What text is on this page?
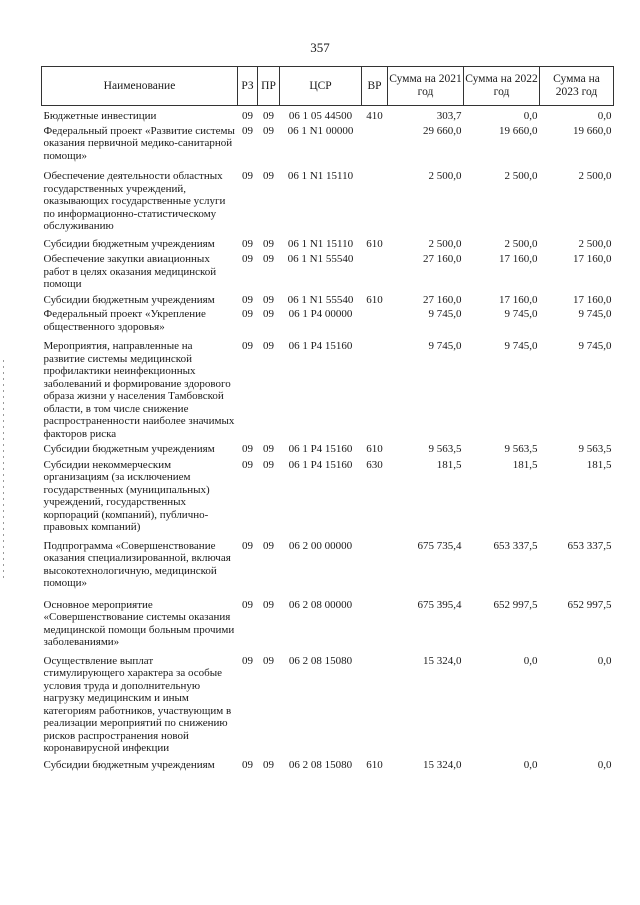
357
Наименование	РЗ	ПР	ЦСР	ВР	Сумма на 2021 год	Сумма на 2022 год	Сумма на 2023 год
Бюджетные инвестиции	09	09	06 1 05 44500	410	303,7	0,0	0,0
Федеральный проект «Развитие системы оказания первичной медико-санитарной помощи»	09	09	06 1 N1 00000		29 660,0	19 660,0	19 660,0
Обеспечение деятельности областных государственных учреждений, оказывающих государственные услуги по информационно-статистическому обслуживанию	09	09	06 1 N1 15110		2 500,0	2 500,0	2 500,0
Субсидии бюджетным учреждениям	09	09	06 1 N1 15110	610	2 500,0	2 500,0	2 500,0
Обеспечение закупки авиационных работ в целях оказания медицинской помощи	09	09	06 1 N1 55540		27 160,0	17 160,0	17 160,0
Субсидии бюджетным учреждениям	09	09	06 1 N1 55540	610	27 160,0	17 160,0	17 160,0
Федеральный проект «Укрепление общественного здоровья»	09	09	06 1 P4 00000		9 745,0	9 745,0	9 745,0
Мероприятия, направленные на развитие системы медицинской профилактики неинфекционных заболеваний и формирование здорового образа жизни у населения Тамбовской области, в том числе снижение распространенности наиболее значимых факторов риска	09	09	06 1 P4 15160		9 745,0	9 745,0	9 745,0
Субсидии бюджетным учреждениям	09	09	06 1 P4 15160	610	9 563,5	9 563,5	9 563,5
Субсидии некоммерческим организациям (за исключением государственных (муниципальных) учреждений, государственных корпораций (компаний), публично-правовых компаний)	09	09	06 1 P4 15160	630	181,5	181,5	181,5
Подпрограмма «Совершенствование оказания специализированной, включая высокотехнологичную, медицинской помощи»	09	09	06 2 00 00000		675 735,4	653 337,5	653 337,5
Основное мероприятие «Совершенствование системы оказания медицинской помощи больным прочими заболеваниями»	09	09	06 2 08 00000		675 395,4	652 997,5	652 997,5
Осуществление выплат стимулирующего характера за особые условия труда и дополнительную нагрузку медицинским и иным категориям работников, участвующим в реализации мероприятий по снижению рисков распространения новой коронавирусной инфекции	09	09	06 2 08 15080		15 324,0	0,0	0,0
Субсидии бюджетным учреждениям	09	09	06 2 08 15080	610	15 324,0	0,0	0,0
